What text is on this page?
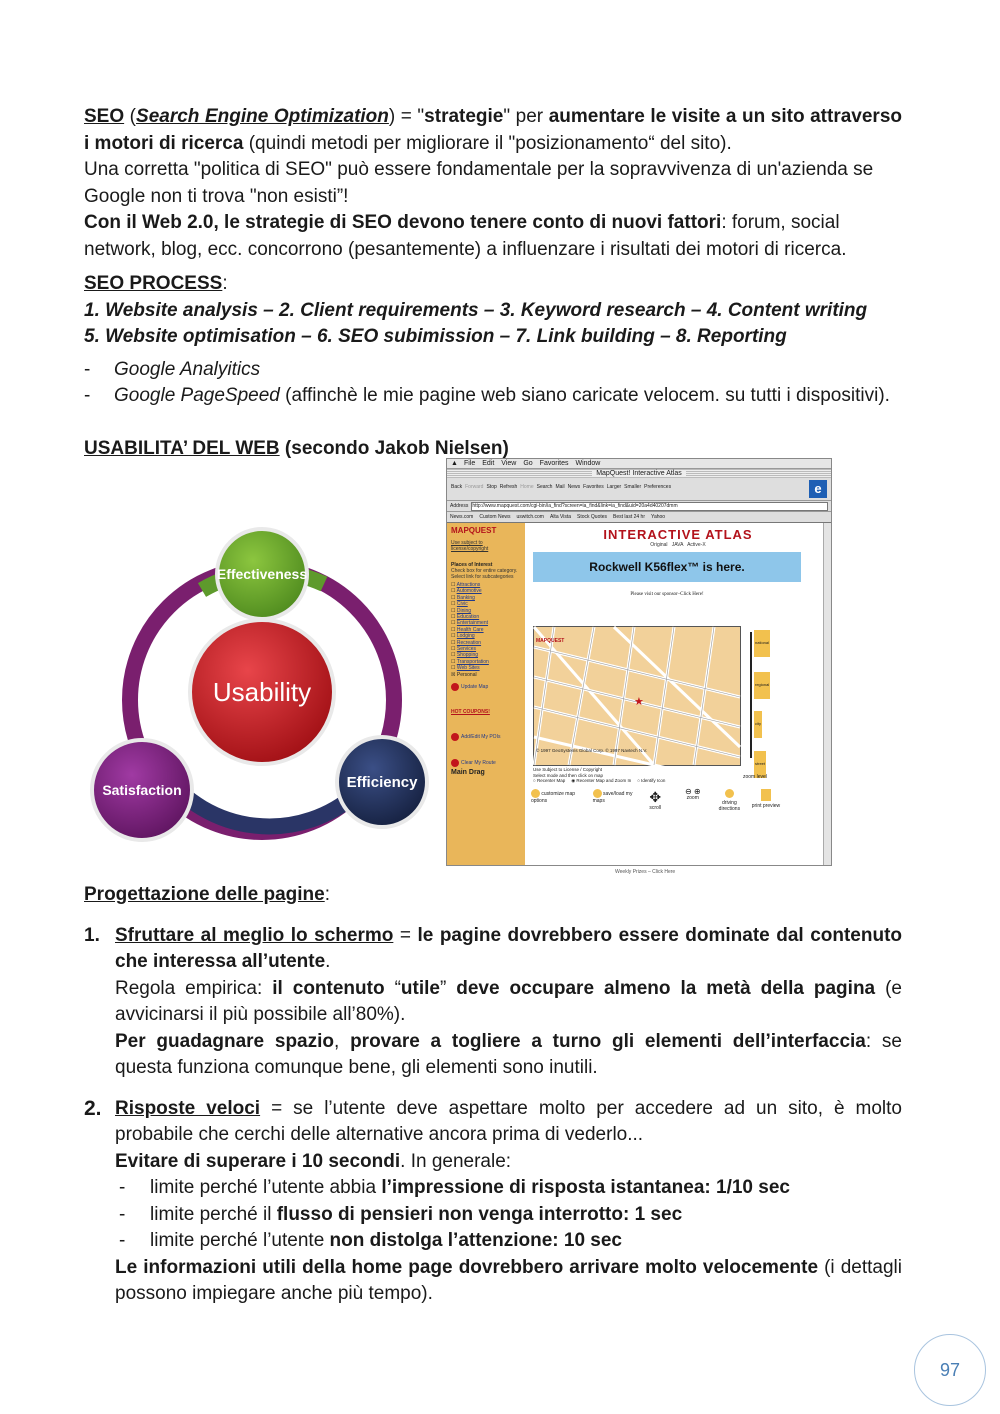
SEO (Search Engine Optimization) = "strategie" per aumentare le visite a un sito attraverso i motori di ricerca (quindi metodi per migliorare il "posizionamento“ del sito).

Una corretta "politica di SEO" può essere fondamentale per la sopravvivenza di un'azienda se Google non ti trova "non esisti”!

Con il Web 2.0, le strategie di SEO devono tenere conto di nuovi fattori: forum, social network, blog, ecc. concorrono (pesantemente) a influenzare i risultati dei motori di ricerca.

SEO PROCESS:

1. Website analysis – 2. Client requirements – 3. Keyword research – 4. Content writing

5. Website optimisation – 6. SEO subimission – 7. Link building – 8. Reporting

- Google Analyitics
- Google PageSpeed (affinchè le mie pagine web siano caricate velocem. su tutti i dispositivi).

USABILITA’ DEL WEB (secondo Jakob Nielsen)

Usability
Effectiveness
Efficiency
Satisfaction
▲ File Edit View Go Favorites Window
MapQuest! Interactive Atlas
Back Forward Stop Refresh Home Search Mail News Favorites Larger Smaller Preferences	e
Address http://www.mapquest.com/cgi-bin/ia_find?screen=ia_find&link=ia_find&uid=20a4d40207dmm
News.com Custom News uswitch.com Alta Vista Stock Quotes Best last 24 hr Yahoo
MAPQUEST
Use subject to license/copyright
Places of Interest
Check box for entire category. Select link for subcategories
☐ Attractions
☐ Automotive
☐ Banking
☐ Civic
☐ Dining
☐ Education
☐ Entertainment
☐ Health Care
☐ Lodging
☐ Recreation
☐ Services
☐ Shopping
☐ Transportation
☐ Web Sites
☒ Personal
Update Map
HOT COUPONS!
Add/Edit My POIs
Clear My Route
Main Drag
INTERACTIVE ATLAS
Original   JAVA   Active-X
Rockwell K56flex™ is here.
Please visit our sponsor–Click Here!
★
MAPQUEST
© 1997 GeoSystems Global Corp. © 1997 Navtech N.V.
national
regional
city
street
zoom level
Use Subject to License / Copyright
Select mode and then click on map
○ Recenter Map ◉ Recenter Map and Zoom In ○ Identify Icon
customize map options
save/load my maps	✥
scroll
⊖ ⊕
zoom

driving directions	print preview
Weekly Prizes – Click Here

Progettazione delle pagine:

1. Sfruttare al meglio lo schermo = le pagine dovrebbero essere dominate dal contenuto che interessa all’utente.

Regola empirica: il contenuto “utile” deve occupare almeno la metà della pagina (e avvicinarsi il più possibile all’80%).

Per guadagnare spazio, provare a togliere a turno gli elementi dell’interfaccia: se questa funziona comunque bene, gli elementi sono inutili.

2. Risposte veloci = se l’utente deve aspettare molto per accedere ad un sito, è molto probabile che cerchi delle alternative ancora prima di vederlo...

Evitare di superare i 10 secondi. In generale:

- limite perché l’utente abbia l’impressione di risposta istantanea: 1/10 sec
- limite perché il flusso di pensieri non venga interrotto: 1 sec
- limite perché l’utente non distolga l’attenzione: 10 sec

Le informazioni utili della home page dovrebbero arrivare molto velocemente (i dettagli possono impiegare anche più tempo).

97
